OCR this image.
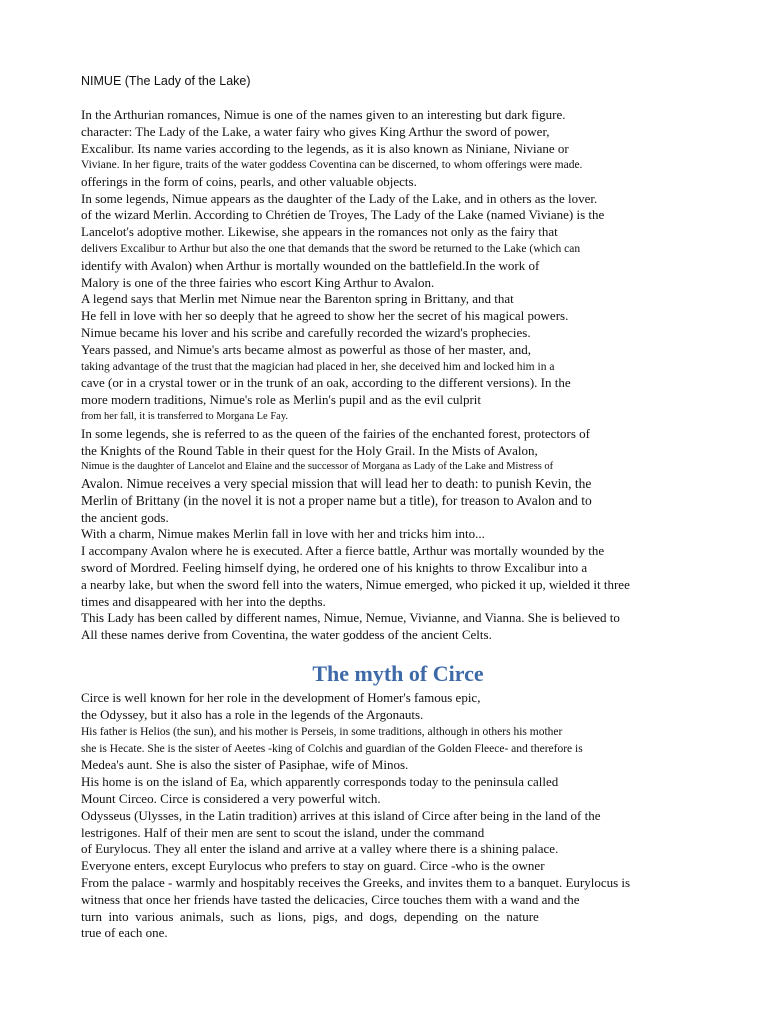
NIMUE (The Lady of the Lake)
In the Arthurian romances, Nimue is one of the names given to an interesting but dark figure.
character: The Lady of the Lake, a water fairy who gives King Arthur the sword of power,
Excalibur. Its name varies according to the legends, as it is also known as Niniane, Niviane or
Viviane. In her figure, traits of the water goddess Coventina can be discerned, to whom offerings were made.
offerings in the form of coins, pearls, and other valuable objects.
In some legends, Nimue appears as the daughter of the Lady of the Lake, and in others as the lover.
of the wizard Merlin. According to Chrétien de Troyes, The Lady of the Lake (named Viviane) is the
Lancelot's adoptive mother. Likewise, she appears in the romances not only as the fairy that
delivers Excalibur to Arthur but also the one that demands that the sword be returned to the Lake (which can
identify with Avalon) when Arthur is mortally wounded on the battlefield.In the work of
Malory is one of the three fairies who escort King Arthur to Avalon.
A legend says that Merlin met Nimue near the Barenton spring in Brittany, and that
He fell in love with her so deeply that he agreed to show her the secret of his magical powers.
Nimue became his lover and his scribe and carefully recorded the wizard's prophecies.
Years passed, and Nimue's arts became almost as powerful as those of her master, and,
taking advantage of the trust that the magician had placed in her, she deceived him and locked him in a
cave (or in a crystal tower or in the trunk of an oak, according to the different versions). In the
more modern traditions, Nimue's role as Merlin's pupil and as the evil culprit
from her fall, it is transferred to Morgana Le Fay.
In some legends, she is referred to as the queen of the fairies of the enchanted forest, protectors of
the Knights of the Round Table in their quest for the Holy Grail. In the Mists of Avalon,
Nimue is the daughter of Lancelot and Elaine and the successor of Morgana as Lady of the Lake and Mistress of
Avalon. Nimue receives a very special mission that will lead her to death: to punish Kevin, the
Merlin of Brittany (in the novel it is not a proper name but a title), for treason to Avalon and to
the ancient gods.
With a charm, Nimue makes Merlin fall in love with her and tricks him into...
I accompany Avalon where he is executed. After a fierce battle, Arthur was mortally wounded by the
sword of Mordred. Feeling himself dying, he ordered one of his knights to throw Excalibur into a
a nearby lake, but when the sword fell into the waters, Nimue emerged, who picked it up, wielded it three
times and disappeared with her into the depths.
This Lady has been called by different names, Nimue, Nemue, Vivianne, and Vianna. She is believed to
All these names derive from Coventina, the water goddess of the ancient Celts.
The myth of Circe
Circe is well known for her role in the development of Homer's famous epic,
the Odyssey, but it also has a role in the legends of the Argonauts.
His father is Helios (the sun), and his mother is Perseis, in some traditions, although in others his mother
she is Hecate. She is the sister of Aeetes -king of Colchis and guardian of the Golden Fleece- and therefore is
Medea's aunt. She is also the sister of Pasiphae, wife of Minos.
His home is on the island of Ea, which apparently corresponds today to the peninsula called
Mount Circeo. Circe is considered a very powerful witch.
Odysseus (Ulysses, in the Latin tradition) arrives at this island of Circe after being in the land of the
lestrigones. Half of their men are sent to scout the island, under the command
of Eurylocus. They all enter the island and arrive at a valley where there is a shining palace.
Everyone enters, except Eurylocus who prefers to stay on guard. Circe -who is the owner
From the palace - warmly and hospitably receives the Greeks, and invites them to a banquet. Eurylocus is
witness that once her friends have tasted the delicacies, Circe touches them with a wand and the
turn  into  various  animals,  such  as  lions,  pigs,  and  dogs,  depending  on  the  nature
true of each one.
